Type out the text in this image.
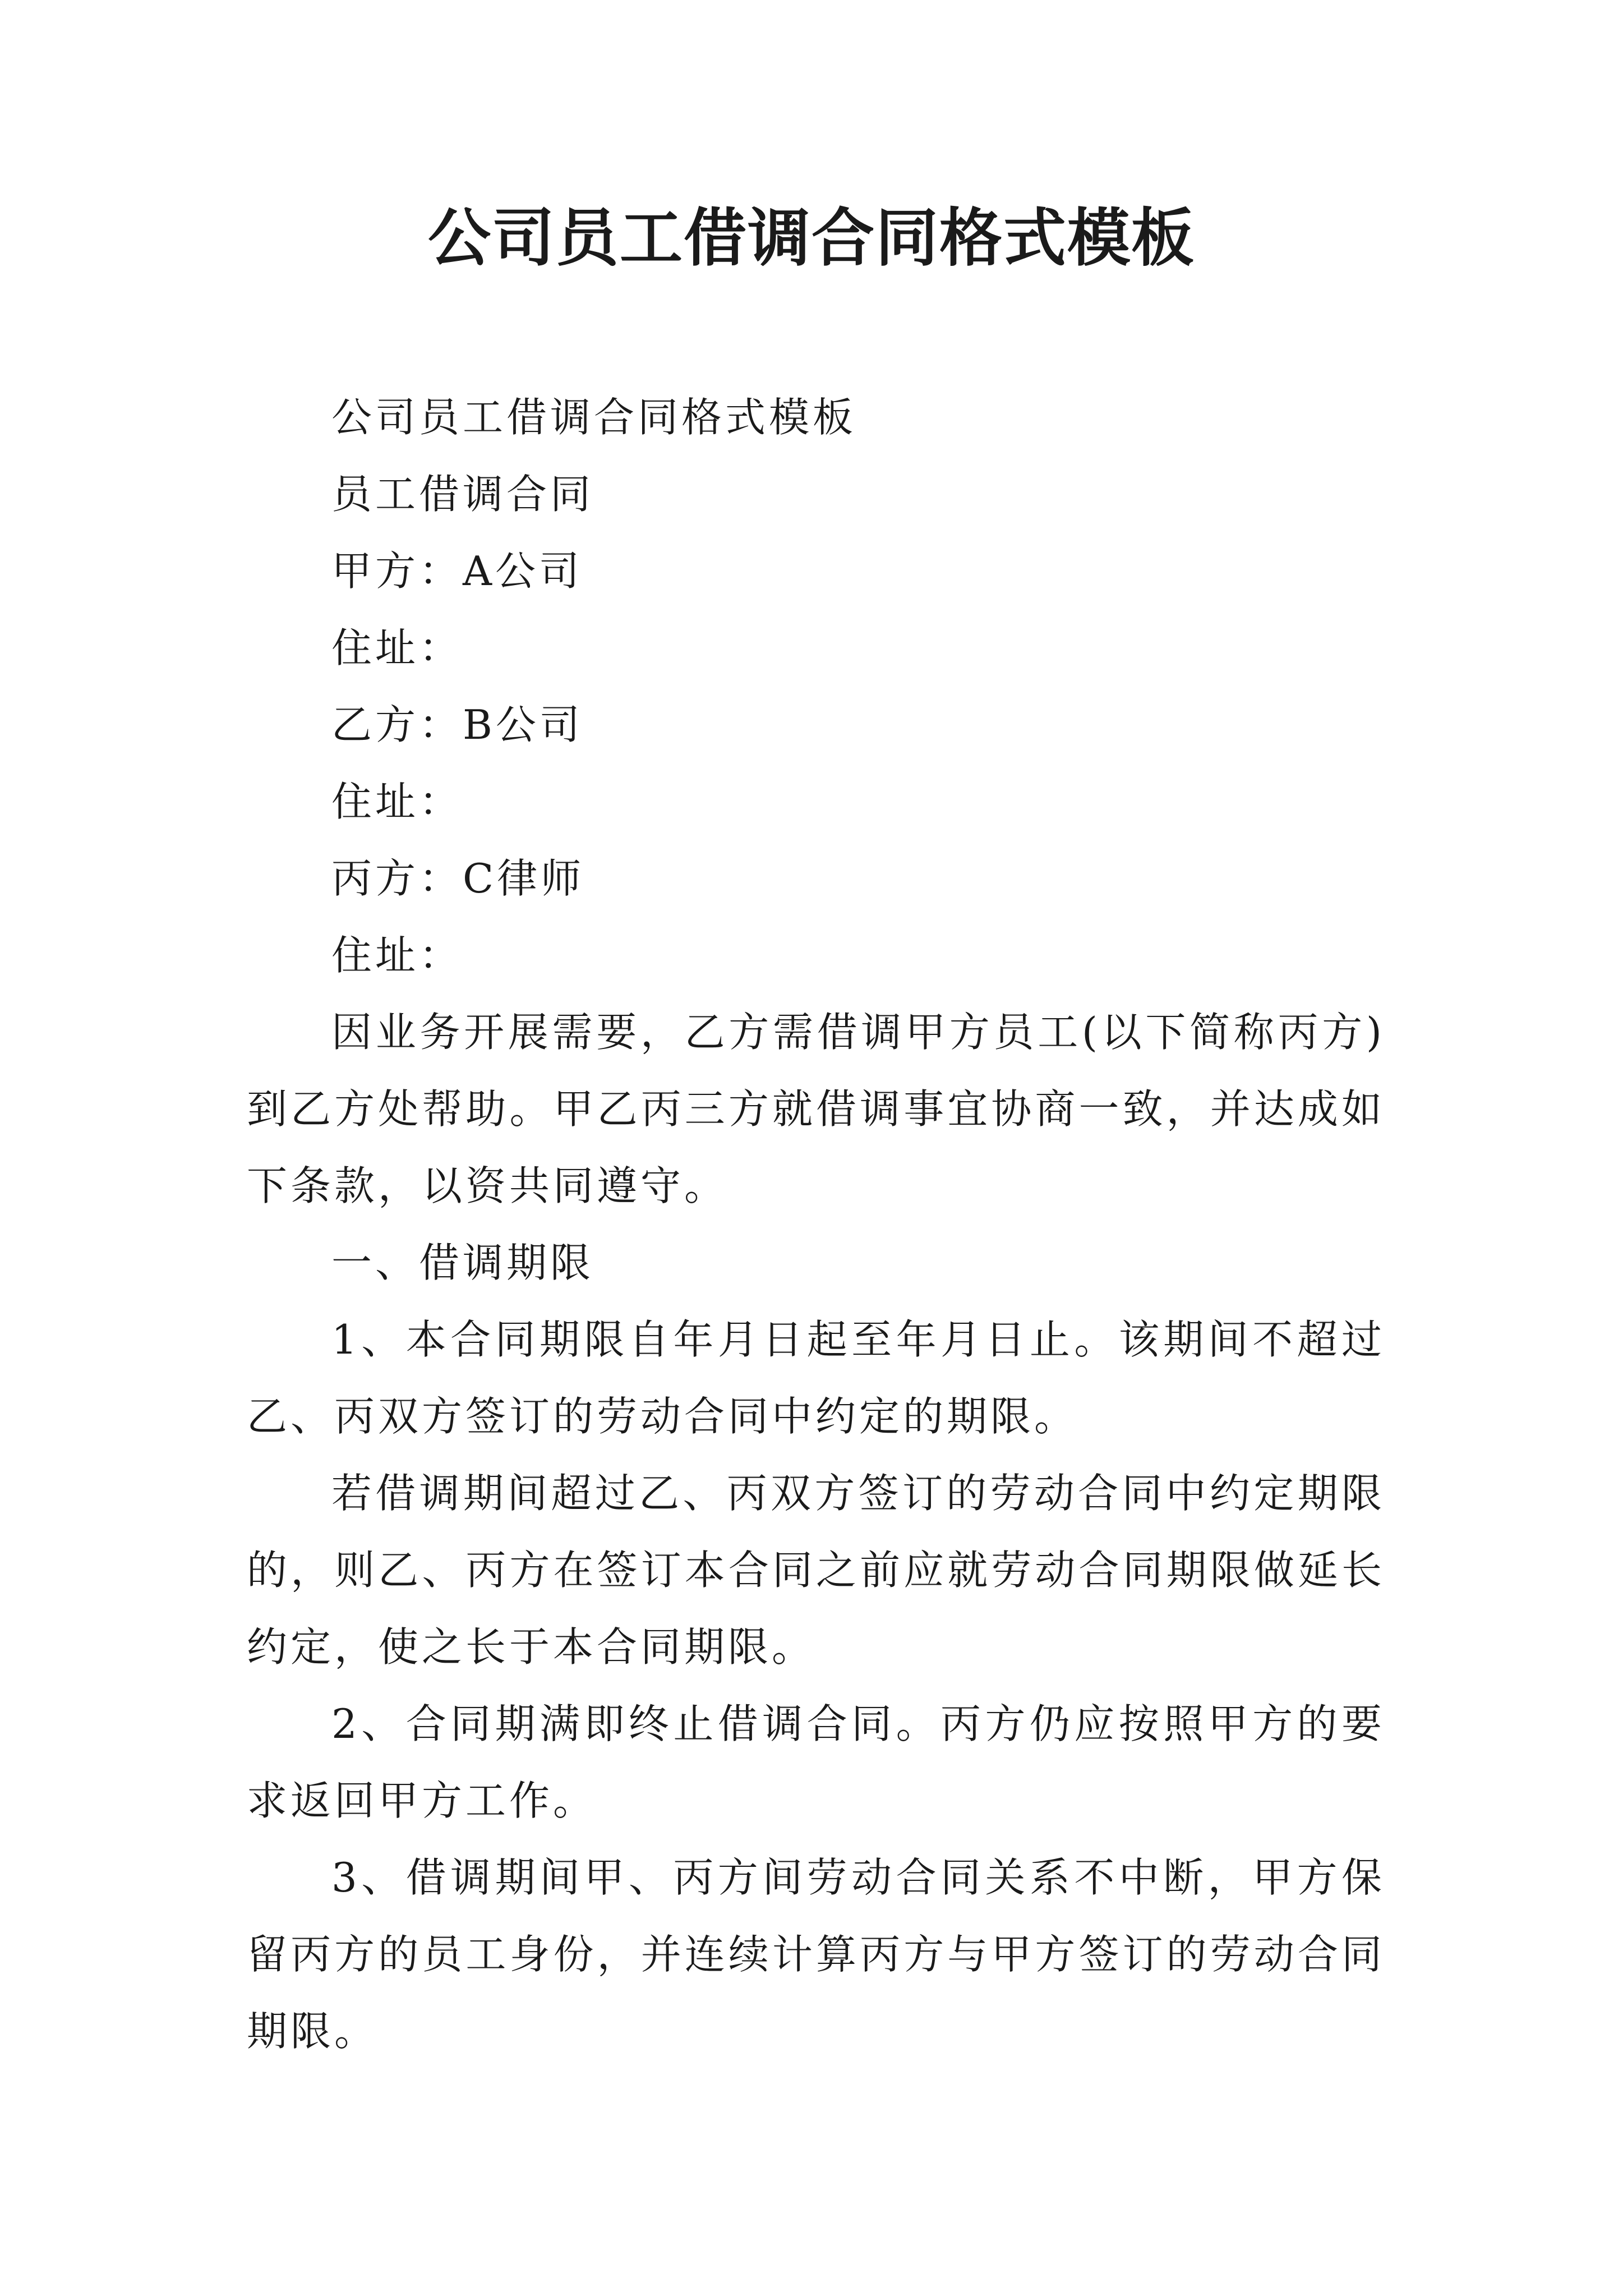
公司员工借调合同格式模板

公司员工借调合同格式模板

员工借调合同

甲方：A公司

住址：

乙方：B公司

住址：

丙方：C律师

住址：

因业务开展需要，乙方需借调甲方员工(以下简称丙方)到乙方处帮助。甲乙丙三方就借调事宜协商一致，并达成如下条款，以资共同遵守。

一、借调期限

1、本合同期限自年月日起至年月日止。该期间不超过乙、丙双方签订的劳动合同中约定的期限。

若借调期间超过乙、丙双方签订的劳动合同中约定期限的，则乙、丙方在签订本合同之前应就劳动合同期限做延长约定，使之长于本合同期限。

2、合同期满即终止借调合同。丙方仍应按照甲方的要求返回甲方工作。

3、借调期间甲、丙方间劳动合同关系不中断，甲方保留丙方的员工身份，并连续计算丙方与甲方签订的劳动合同期限。
